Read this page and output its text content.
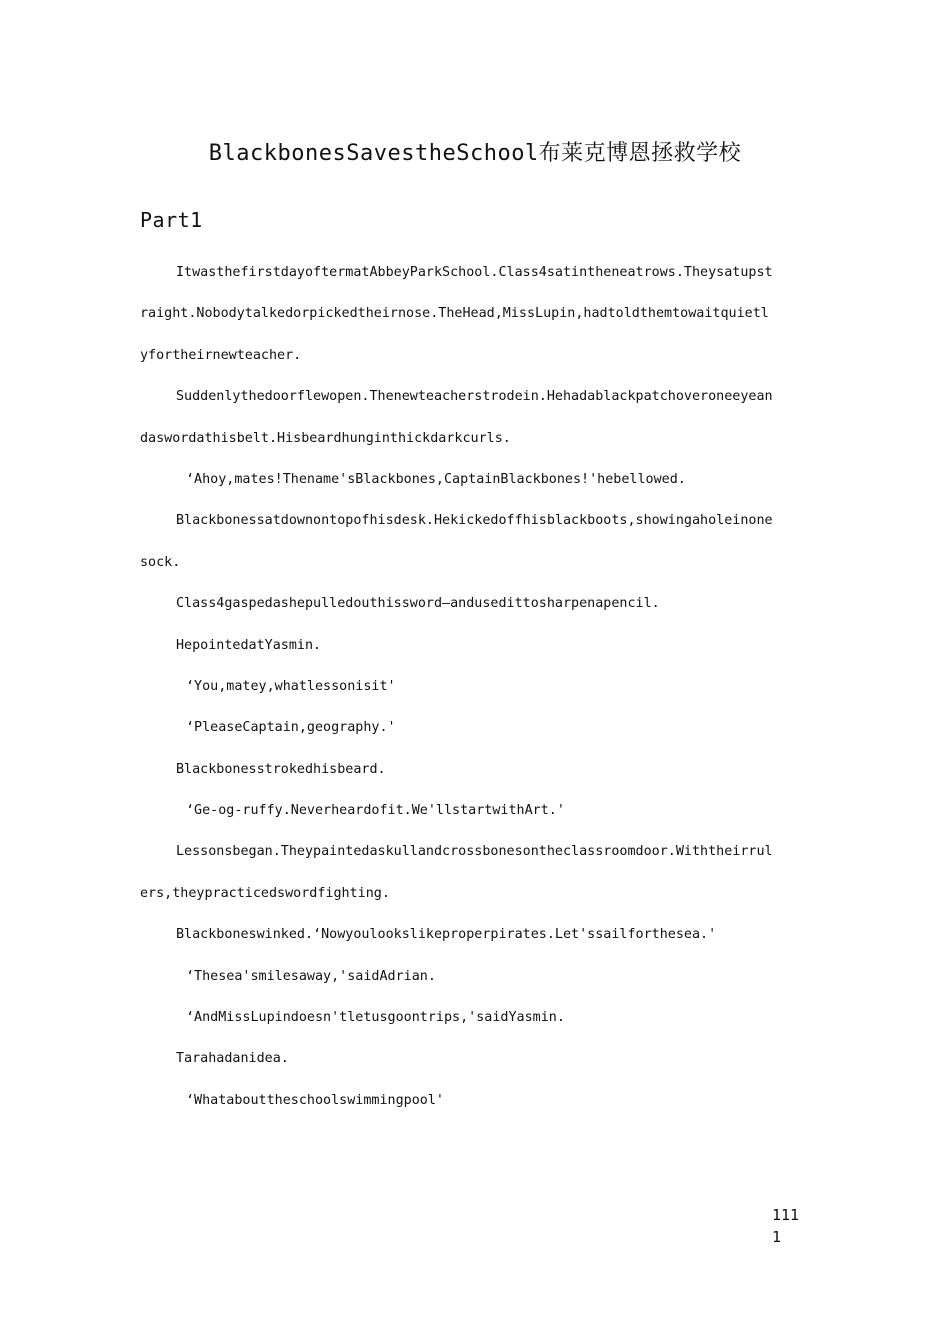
BlackbonesSavestheSchool布莱克博恩拯救学校
Part1
ItwasthefirstdayoftermatAbbeyParkSchool.Class4satintheneatrows.Theysatupst
raight.Nobodytalkedorpickedtheirnose.TheHead,MissLupin,hadtoldthemtowaitquietl
yfortheirnewteacher.
Suddenlythedoorflewopen.Thenewteacherstrodein.Hehadablackpatchoveroneeyean
daswordathisbelt.Hisbeardhunginthickdarkcurls.
‘Ahoy,mates!Thename'sBlackbones,CaptainBlackbones!'hebellowed.
Blackbonessatdownontopofhisdesk.Hekickedoffhisblackboots,showingaholeinone
sock.
Class4gaspedashepulledouthissword—andusedittosharpenapencil.
HepointedatYasmin.
‘You,matey,whatlessonisit'
‘PleaseCaptain,geography.'
Blackbonesstrokedhisbeard.
‘Ge-og-ruffy.Neverheardofit.We'llstartwithArt.'
Lessonsbegan.Theypaintedaskullandcrossbonesontheclassroomdoor.Withtheirrul
ers,theypracticedswordfighting.
Blackboneswinked.‘Nowyoulookslikeproperpirates.Let'ssailforthesea.'
‘Thesea'smilesaway,'saidAdrian.
‘AndMissLupindoesn'tletusgoontrips,'saidYasmin.
Tarahadanidea.
‘Whatabouttheschoolswimmingpool'
111
1
